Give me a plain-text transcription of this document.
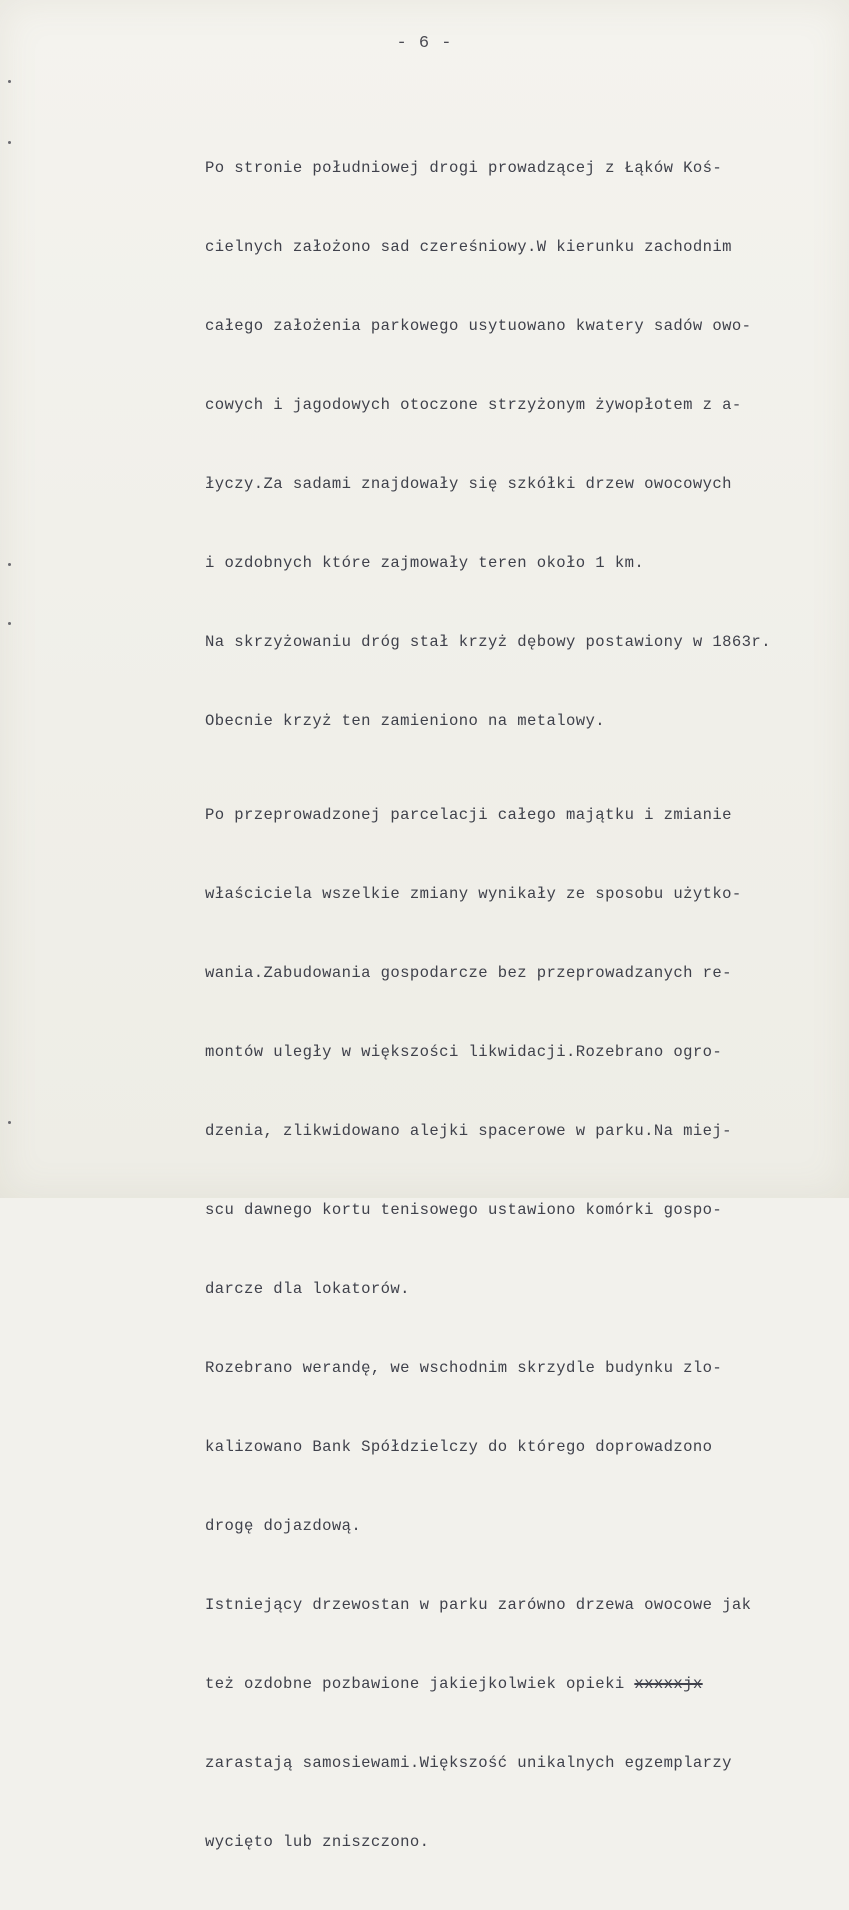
- 6 -

Po stronie południowej drogi prowadzącej z Łąków Koś-

cielnych założono sad czereśniowy.W kierunku zachodnim

całego założenia parkowego usytuowano kwatery sadów owo-

cowych i jagodowych otoczone strzyżonym żywopłotem z a-

łyczy.Za sadami znajdowały się szkółki drzew owocowych

i ozdobnych które zajmowały teren około 1 km.

Na skrzyżowaniu dróg stał krzyż dębowy postawiony w 1863r.

Obecnie krzyż ten zamieniono na metalowy.

Po przeprowadzonej parcelacji całego majątku i zmianie

właściciela wszelkie zmiany wynikały ze sposobu użytko-

wania.Zabudowania gospodarcze bez przeprowadzanych re-

montów uległy w większości likwidacji.Rozebrano ogro-

dzenia, zlikwidowano alejki spacerowe w parku.Na miej-

scu dawnego kortu tenisowego ustawiono komórki gospo-

darcze dla lokatorów.

Rozebrano werandę, we wschodnim skrzydle budynku zlo-

kalizowano Bank Spółdzielczy do którego doprowadzono

drogę dojazdową.

Istniejący drzewostan w parku zarówno drzewa owocowe jak

też ozdobne pozbawione jakiejkolwiek opieki xxxxxjx

zarastają samosiewami.Większość unikalnych egzemplarzy

wycięto lub zniszczono.
